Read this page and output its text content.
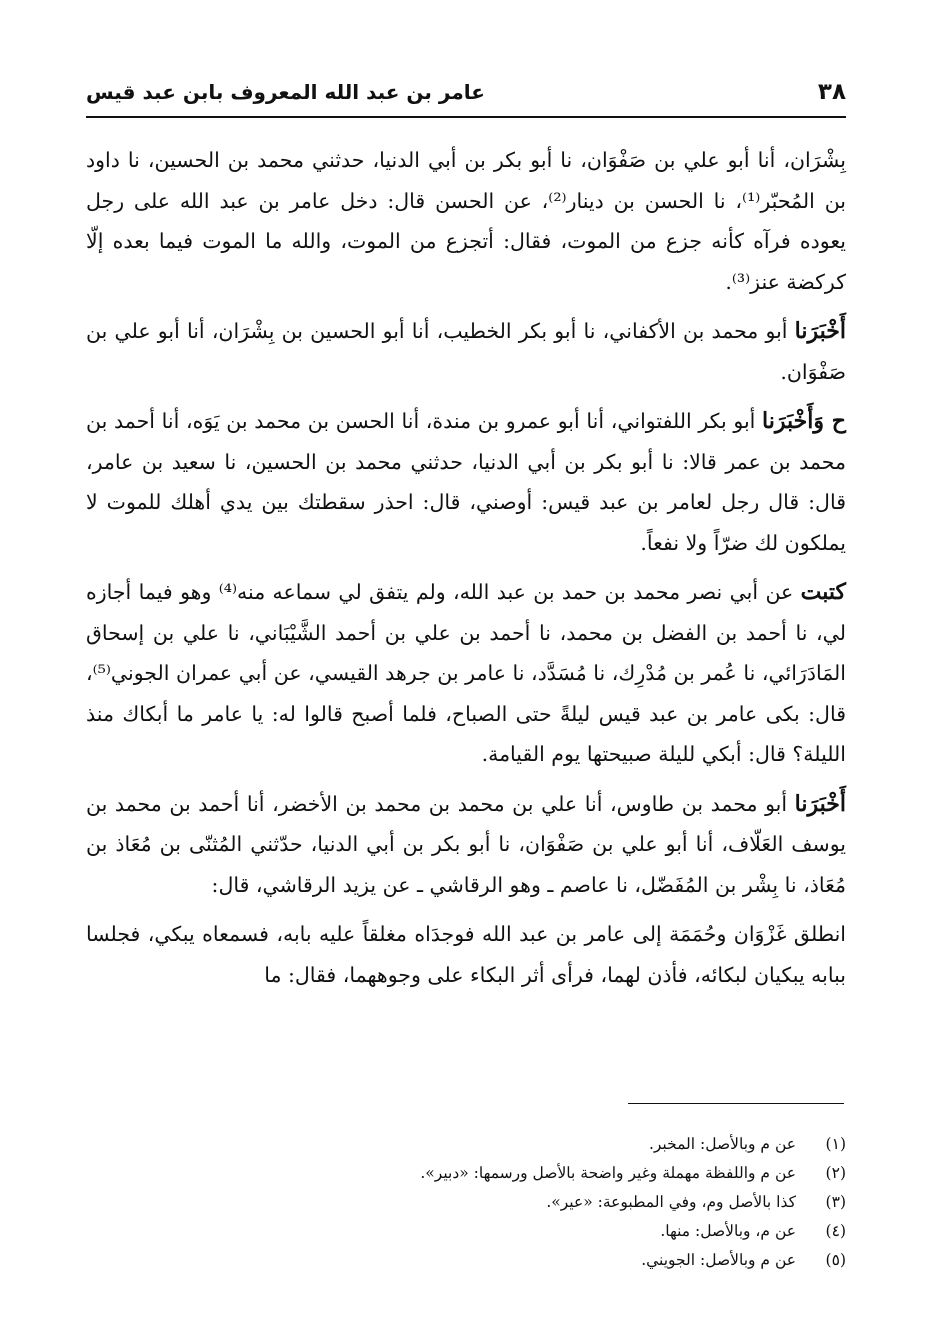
٣٨
عامر بن عبد الله المعروف بابن عبد قيس

بِشْرَان، أنا أبو علي بن صَفْوَان، نا أبو بكر بن أبي الدنيا، حدثني محمد بن الحسين، نا داود بن المُحبّر⁽¹⁾، نا الحسن بن دينار⁽²⁾، عن الحسن قال: دخل عامر بن عبد الله على رجل يعوده فرآه كأنه جزع من الموت، فقال: أتجزع من الموت، والله ما الموت فيما بعده إلّا كركضة عنز⁽³⁾.

أَخْبَرَنا أبو محمد بن الأكفاني، نا أبو بكر الخطيب، أنا أبو الحسين بن بِشْرَان، أنا أبو علي بن صَفْوَان.

ح وَأَخْبَرَنا أبو بكر اللفتواني، أنا أبو عمرو بن مندة، أنا الحسن بن محمد بن يَوَه، أنا أحمد بن محمد بن عمر قالا: نا أبو بكر بن أبي الدنيا، حدثني محمد بن الحسين، نا سعيد بن عامر، قال: قال رجل لعامر بن عبد قيس: أوصني، قال: احذر سقطتك بين يدي أهلك للموت لا يملكون لك ضرّاً ولا نفعاً.

كتبت عن أبي نصر محمد بن حمد بن عبد الله، ولم يتفق لي سماعه منه⁽⁴⁾ وهو فيما أجازه لي، نا أحمد بن الفضل بن محمد، نا أحمد بن علي بن أحمد الشَّيْبَاني، نا علي بن إسحاق المَادَرَائي، نا عُمر بن مُدْرِك، نا مُسَدَّد، نا عامر بن جرهد القيسي، عن أبي عمران الجوني⁽⁵⁾، قال: بكى عامر بن عبد قيس ليلةً حتى الصباح، فلما أصبح قالوا له: يا عامر ما أبكاك منذ الليلة؟ قال: أبكي لليلة صبيحتها يوم القيامة.

أَخْبَرَنا أبو محمد بن طاوس، أنا علي بن محمد بن محمد بن الأخضر، أنا أحمد بن محمد بن يوسف العَلّاف، أنا أبو علي بن صَفْوَان، نا أبو بكر بن أبي الدنيا، حدّثني المُثنّى بن مُعَاذ بن مُعَاذ، نا بِشْر بن المُفَضّل، نا عاصم ـ وهو الرقاشي ـ عن يزيد الرقاشي، قال:

انطلق غَزْوَان وحُمَمَة إلى عامر بن عبد الله فوجدَاه مغلقاً عليه بابه، فسمعاه يبكي، فجلسا ببابه يبكيان لبكائه، فأذن لهما، فرأى أثر البكاء على وجوههما، فقال: ما

(١)
عن م وبالأصل: المخبر.
(٢)
عن م واللفظة مهملة وغير واضحة بالأصل ورسمها: «دبير».
(٣)
كذا بالأصل وم، وفي المطبوعة: «عير».
(٤)
عن م، وبالأصل: منها.
(٥)
عن م وبالأصل: الجويني.
